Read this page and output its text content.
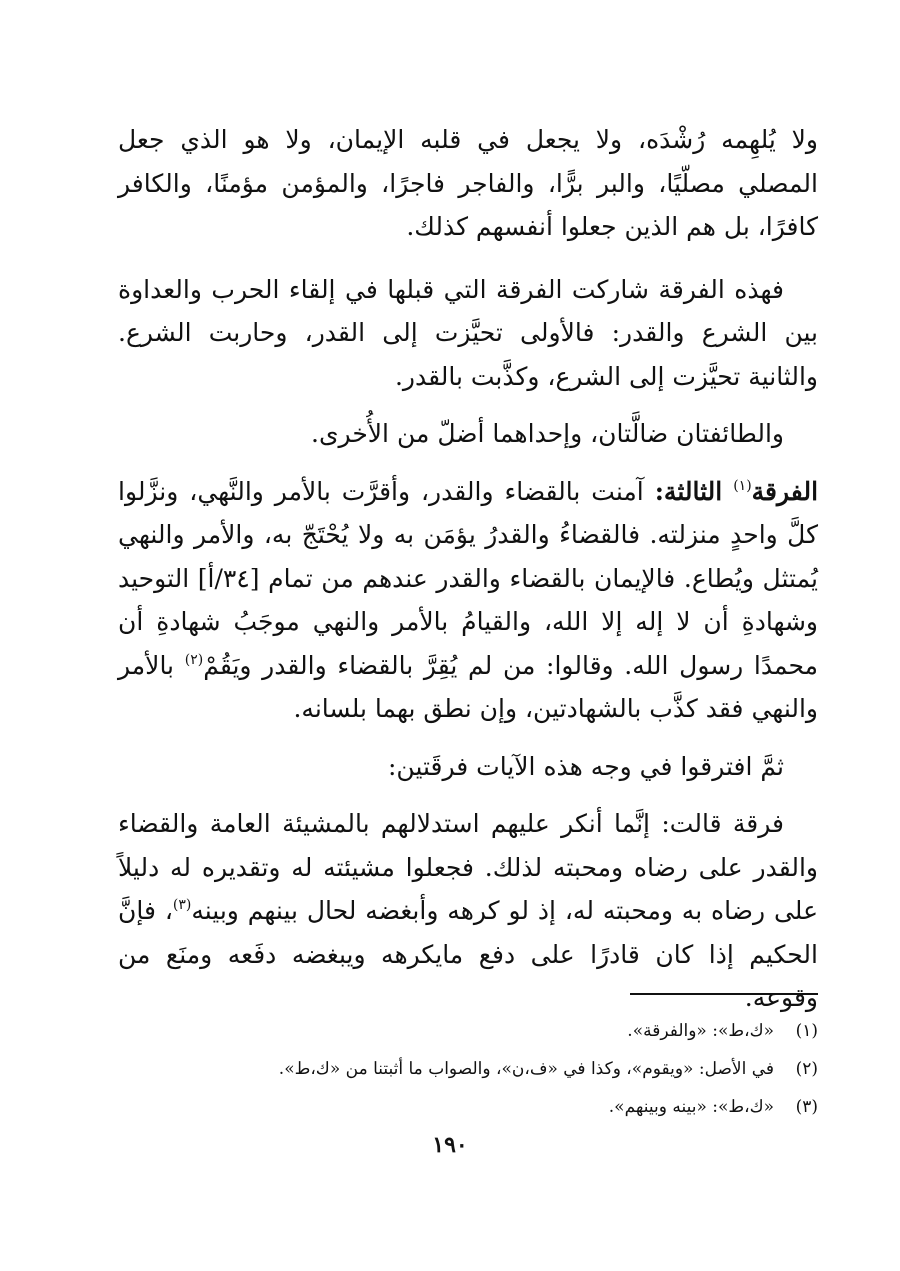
ولا يُلهِمه رُشْدَه، ولا يجعل في قلبه الإيمان، ولا هو الذي جعل المصلي مصلّيًا، والبر برًّا، والفاجر فاجرًا، والمؤمن مؤمنًا، والكافر كافرًا، بل هم الذين جعلوا أنفسهم كذلك.

فهذه الفرقة شاركت الفرقة التي قبلها في إلقاء الحرب والعداوة بين الشرع والقدر: فالأولى تحيَّزت إلى القدر، وحاربت الشرع. والثانية تحيَّزت إلى الشرع، وكذَّبت بالقدر.

والطائفتان ضالَّتان، وإحداهما أضلّ من الأُخرى.

الفرقة$^{(١)}$ الثالثة: آمنت بالقضاء والقدر، وأقرَّت بالأمر والنَّهي، ونزَّلوا كلَّ واحدٍ منزلته. فالقضاءُ والقدرُ يؤمَن به ولا يُحْتَجّ به، والأمر والنهي يُمتثل ويُطاع. فالإيمان بالقضاء والقدر عندهم من تمام [٣٤/أ] التوحيد وشهادةِ أن لا إله إلا الله، والقيامُ بالأمر والنهي موجَبُ شهادةِ أن محمدًا رسول الله. وقالوا: من لم يُقِرَّ بالقضاء والقدر ويَقُمْ$^{(٢)}$ بالأمر والنهي فقد كذَّب بالشهادتين، وإن نطق بهما بلسانه.

ثمَّ افترقوا في وجه هذه الآيات فرقَتين:

فرقة قالت: إنَّما أنكر عليهم استدلالهم بالمشيئة العامة والقضاء والقدر على رضاه ومحبته لذلك. فجعلوا مشيئته له وتقديره له دليلاً على رضاه به ومحبته له، إذ لو كرهه وأبغضه لحال بينهم وبينه$^{(٣)}$، فإنَّ الحكيم إذا كان قادرًا على دفع مايكرهه ويبغضه دفَعه ومنَع من وقوعه.

(١)«ك،ط»: «والفرقة».
(٢)في الأصل: «ويقوم»، وكذا في «ف،ن»، والصواب ما أثبتنا من «ك،ط».
(٣)«ك،ط»: «بينه وبينهم».
١٩٠
